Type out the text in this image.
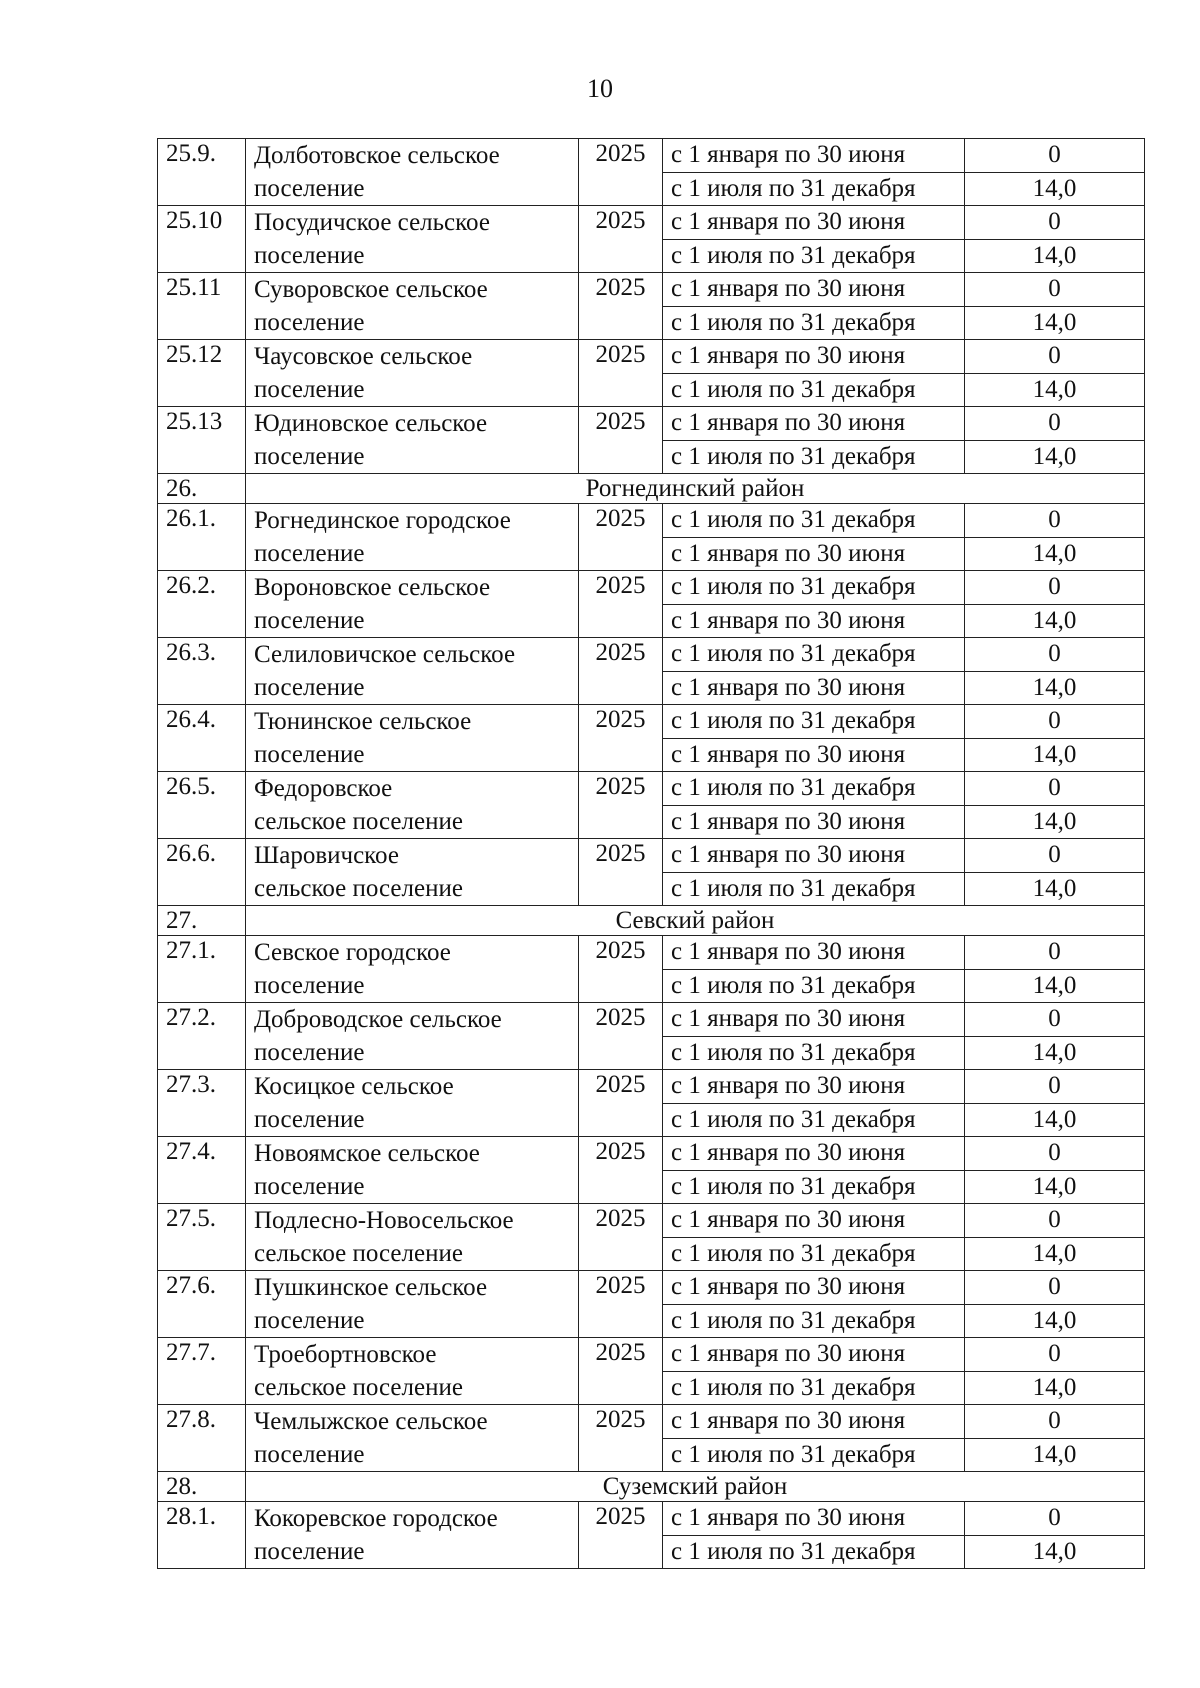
10
25.9.	Долботовское сельское
поселение	2025	с 1 января по 30 июня	0
			с 1 июля по 31 декабря	14,0
25.10	Посудичское сельское
поселение	2025	с 1 января по 30 июня	0
			с 1 июля по 31 декабря	14,0
25.11	Суворовское сельское
поселение	2025	с 1 января по 30 июня	0
			с 1 июля по 31 декабря	14,0
25.12	Чаусовское сельское
поселение	2025	с 1 января по 30 июня	0
			с 1 июля по 31 декабря	14,0
25.13	Юдиновское сельское
поселение	2025	с 1 января по 30 июня	0
			с 1 июля по 31 декабря	14,0
26.	Рогнединский район			
26.1.	Рогнединское городское
поселение	2025	с 1 июля по 31 декабря	0
			с 1 января по 30 июня	14,0
26.2.	Вороновское сельское
поселение	2025	с 1 июля по 31 декабря	0
			с 1 января по 30 июня	14,0
26.3.	Селиловичское сельское
поселение	2025	с 1 июля по 31 декабря	0
			с 1 января по 30 июня	14,0
26.4.	Тюнинское сельское
поселение	2025	с 1 июля по 31 декабря	0
			с 1 января по 30 июня	14,0
26.5.	Федоровское
сельское поселение	2025	с 1 июля по 31 декабря	0
			с 1 января по 30 июня	14,0
26.6.	Шаровичское
сельское поселение	2025	с 1 января по 30 июня	0
			с 1 июля по 31 декабря	14,0
27.	Севский район			
27.1.	Севское городское
поселение	2025	с 1 января по 30 июня	0
			с 1 июля по 31 декабря	14,0
27.2.	Доброводское сельское
поселение	2025	с 1 января по 30 июня	0
			с 1 июля по 31 декабря	14,0
27.3.	Косицкое сельское
поселение	2025	с 1 января по 30 июня	0
			с 1 июля по 31 декабря	14,0
27.4.	Новоямское сельское
поселение	2025	с 1 января по 30 июня	0
			с 1 июля по 31 декабря	14,0
27.5.	Подлесно-Новосельское
сельское поселение	2025	с 1 января по 30 июня	0
			с 1 июля по 31 декабря	14,0
27.6.	Пушкинское сельское
поселение	2025	с 1 января по 30 июня	0
			с 1 июля по 31 декабря	14,0
27.7.	Троебортновское
сельское поселение	2025	с 1 января по 30 июня	0
			с 1 июля по 31 декабря	14,0
27.8.	Чемлыжское сельское
поселение	2025	с 1 января по 30 июня	0
			с 1 июля по 31 декабря	14,0
28.	Суземский район			
28.1.	Кокоревское городское
поселение	2025	с 1 января по 30 июня	0
			с 1 июля по 31 декабря	14,0
